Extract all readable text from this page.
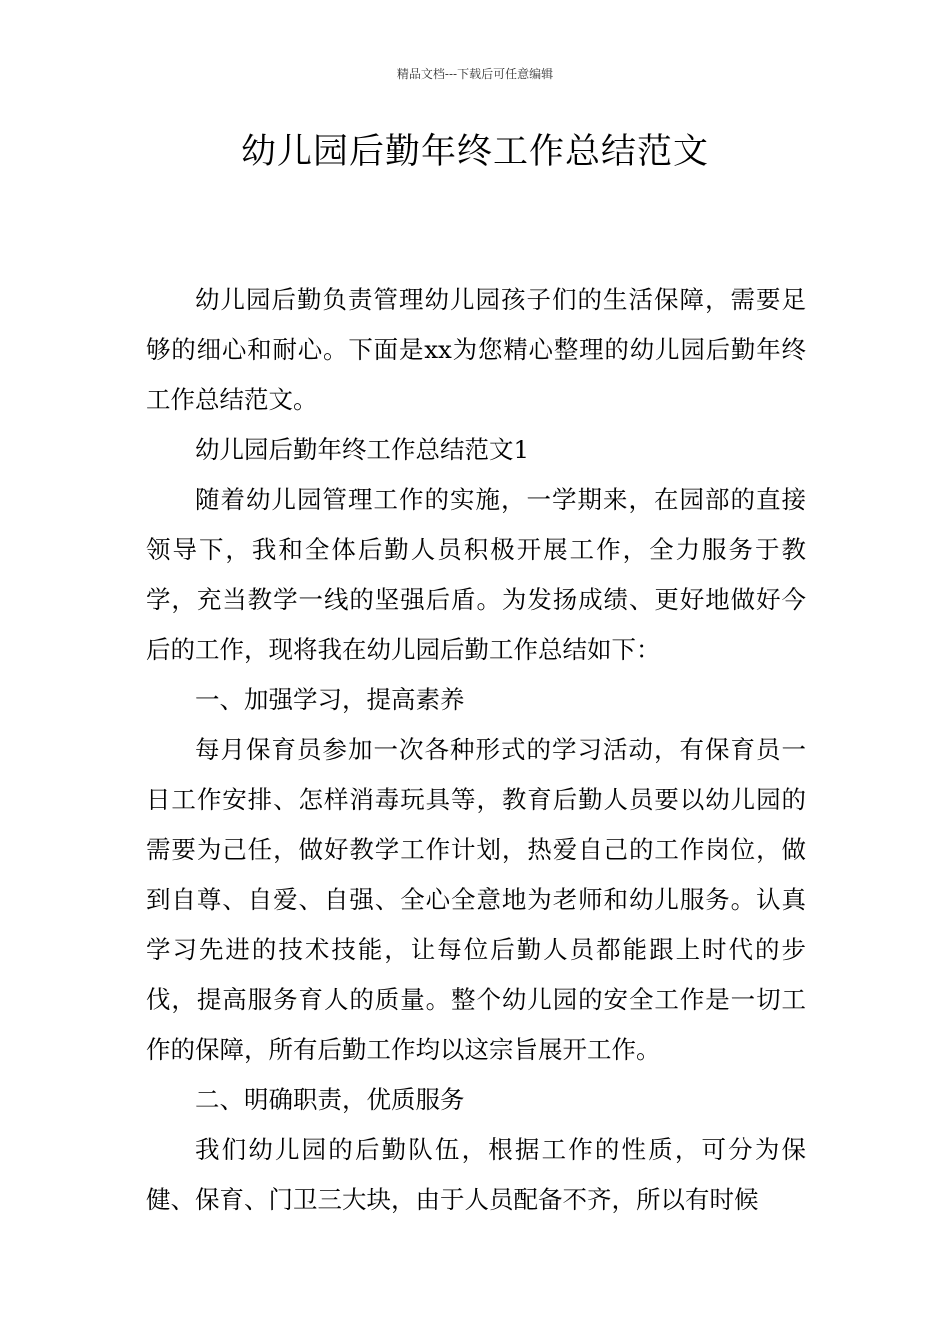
精品文档---下载后可任意编辑
幼儿园后勤年终工作总结范文

幼儿园后勤负责管理幼儿园孩子们的生活保障，需要足够的细心和耐心。下面是xx为您精心整理的幼儿园后勤年终工作总结范文。

幼儿园后勤年终工作总结范文1

随着幼儿园管理工作的实施，一学期来，在园部的直接领导下，我和全体后勤人员积极开展工作，全力服务于教学，充当教学一线的坚强后盾。为发扬成绩、更好地做好今后的工作，现将我在幼儿园后勤工作总结如下：

一、加强学习，提高素养

每月保育员参加一次各种形式的学习活动，有保育员一日工作安排、怎样消毒玩具等，教育后勤人员要以幼儿园的需要为己任，做好教学工作计划，热爱自己的工作岗位，做到自尊、自爱、自强、全心全意地为老师和幼儿服务。认真学习先进的技术技能，让每位后勤人员都能跟上时代的步伐，提高服务育人的质量。整个幼儿园的安全工作是一切工作的保障，所有后勤工作均以这宗旨展开工作。

二、明确职责，优质服务

我们幼儿园的后勤队伍，根据工作的性质，可分为保健、保育、门卫三大块，由于人员配备不齐，所以有时候
